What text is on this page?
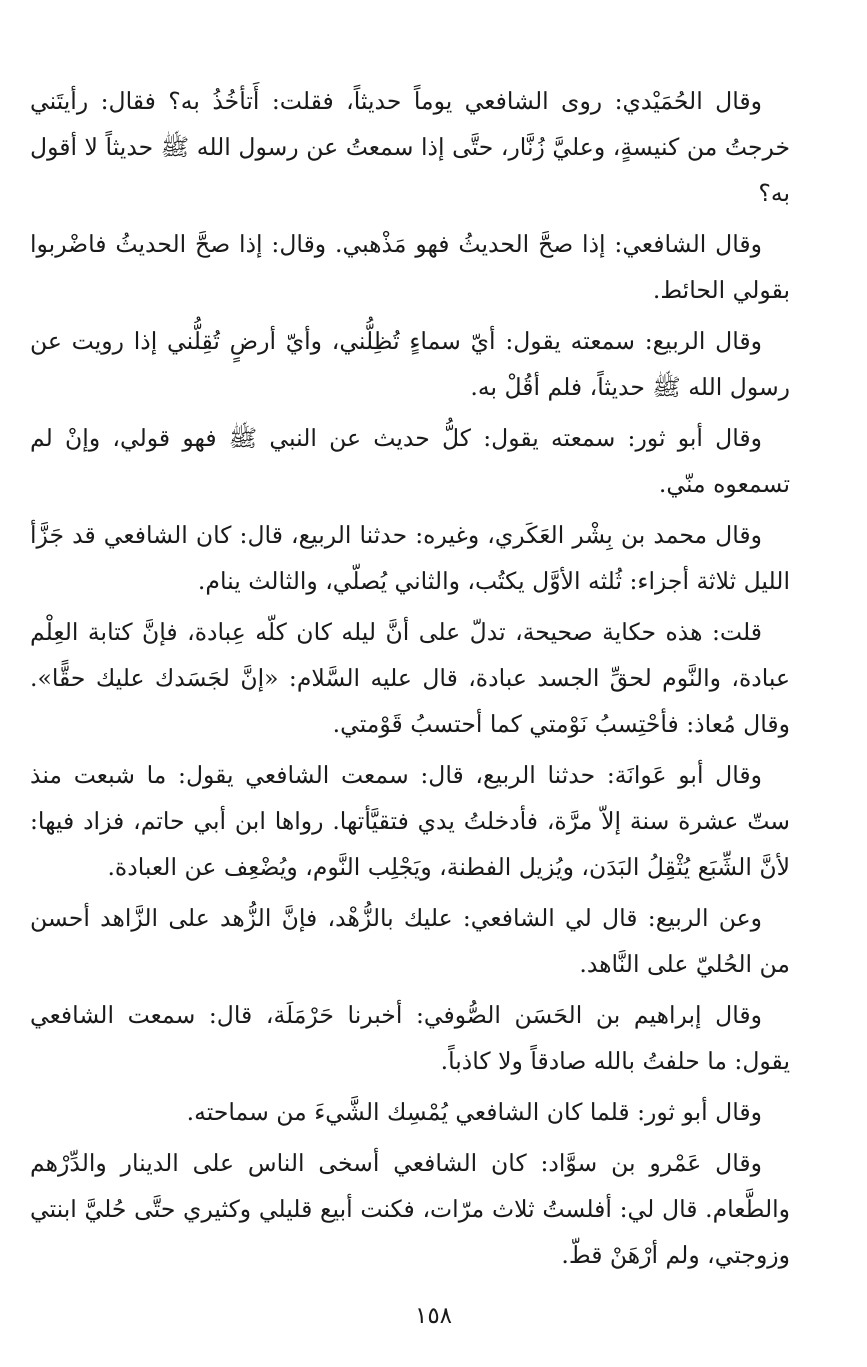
وقال الحُمَيْدي: روى الشافعي يوماً حديثاً، فقلت: أَتأخُذُ به؟ فقال: رأيتَني خرجتُ من كنيسةٍ، وعليَّ زُنَّار، حتَّى إذا سمعتُ عن رسول الله ﷺ حديثاً لا أقول به؟

وقال الشافعي: إذا صحَّ الحديثُ فهو مَذْهبي. وقال: إذا صحَّ الحديثُ فاضْربوا بقولي الحائط.

وقال الربيع: سمعته يقول: أيّ سماءٍ تُظِلُّني، وأيّ أرضٍ تُقِلُّني إذا رويت عن رسول الله ﷺ حديثاً، فلم أقُلْ به.

وقال أبو ثور: سمعته يقول: كلُّ حديث عن النبي ﷺ فهو قولي، وإنْ لم تسمعوه منّي.

وقال محمد بن بِشْر العَكَري، وغيره: حدثنا الربيع، قال: كان الشافعي قد جَزَّأ الليل ثلاثة أجزاء: ثُلثه الأوَّل يكتُب، والثاني يُصلّي، والثالث ينام.

قلت: هذه حكاية صحيحة، تدلّ على أنَّ ليله كان كلّه عِبادة، فإنَّ كتابة العِلْم عبادة، والنَّوم لحقِّ الجسد عبادة، قال عليه السَّلام: «إنَّ لجَسَدك عليك حقًّا». وقال مُعاذ: فأحْتِسبُ نَوْمتي كما أحتسبُ قَوْمتي.

وقال أبو عَوانَة: حدثنا الربيع، قال: سمعت الشافعي يقول: ما شبعت منذ ستّ عشرة سنة إلاّ مرَّة، فأدخلتُ يدي فتقيَّأتها. رواها ابن أبي حاتم، فزاد فيها: لأنَّ الشِّبَع يُثْقِلُ البَدَن، ويُزيل الفطنة، ويَجْلِب النَّوم، ويُضْعِف عن العبادة.

وعن الربيع: قال لي الشافعي: عليك بالزُّهْد، فإنَّ الزُّهد على الزَّاهد أحسن من الحُليّ على النَّاهد.

وقال إبراهيم بن الحَسَن الصُّوفي: أخبرنا حَرْمَلَة، قال: سمعت الشافعي يقول: ما حلفتُ بالله صادقاً ولا كاذباً.

وقال أبو ثور: قلما كان الشافعي يُمْسِك الشَّيءَ من سماحته.

وقال عَمْرو بن سوَّاد: كان الشافعي أسخى الناس على الدينار والدِّرْهم والطَّعام. قال لي: أفلستُ ثلاث مرّات، فكنت أبيع قليلي وكثيري حتَّى حُليَّ ابنتي وزوجتي، ولم أرْهَنْ قطّ.

١٥٨
